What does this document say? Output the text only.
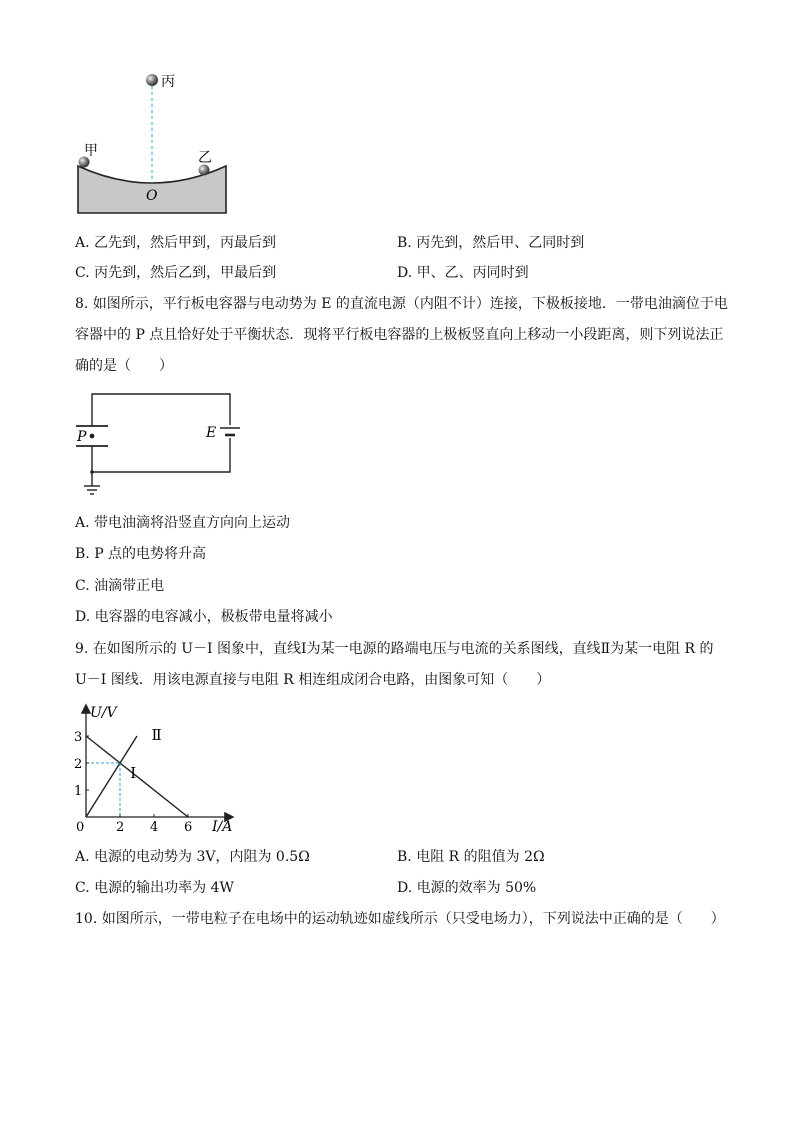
丙
甲	乙
O
A. 乙先到，然后甲到，丙最后到	B. 丙先到，然后甲、乙同时到
C. 丙先到，然后乙到，甲最后到	D. 甲、乙、丙同时到
8. 如图所示，平行板电容器与电动势为 E 的直流电源（内阻不计）连接，下极板接地．一带电油滴位于电
容器中的 P 点且恰好处于平衡状态．现将平行板电容器的上极板竖直向上移动一小段距离，则下列说法正
确的是（　　）
P	E
A. 带电油滴将沿竖直方向向上运动
B. P 点的电势将升高
C. 油滴带正电
D. 电容器的电容减小，极板带电量将减小
9. 在如图所示的 U－I 图象中，直线Ⅰ为某一电源的路端电压与电流的关系图线，直线Ⅱ为某一电阻 R 的
U－I 图线．用该电源直接与电阻 R 相连组成闭合电路，由图象可知（　　）
U/V
I/A
Ⅰ
Ⅱ
0 2 4 6
1
2
3
A. 电源的电动势为 3V，内阻为 0.5Ω	B. 电阻 R 的阻值为 2Ω
C. 电源的输出功率为 4W	D. 电源的效率为 50%
10. 如图所示，一带电粒子在电场中的运动轨迹如虚线所示（只受电场力），下列说法中正确的是（　　）
